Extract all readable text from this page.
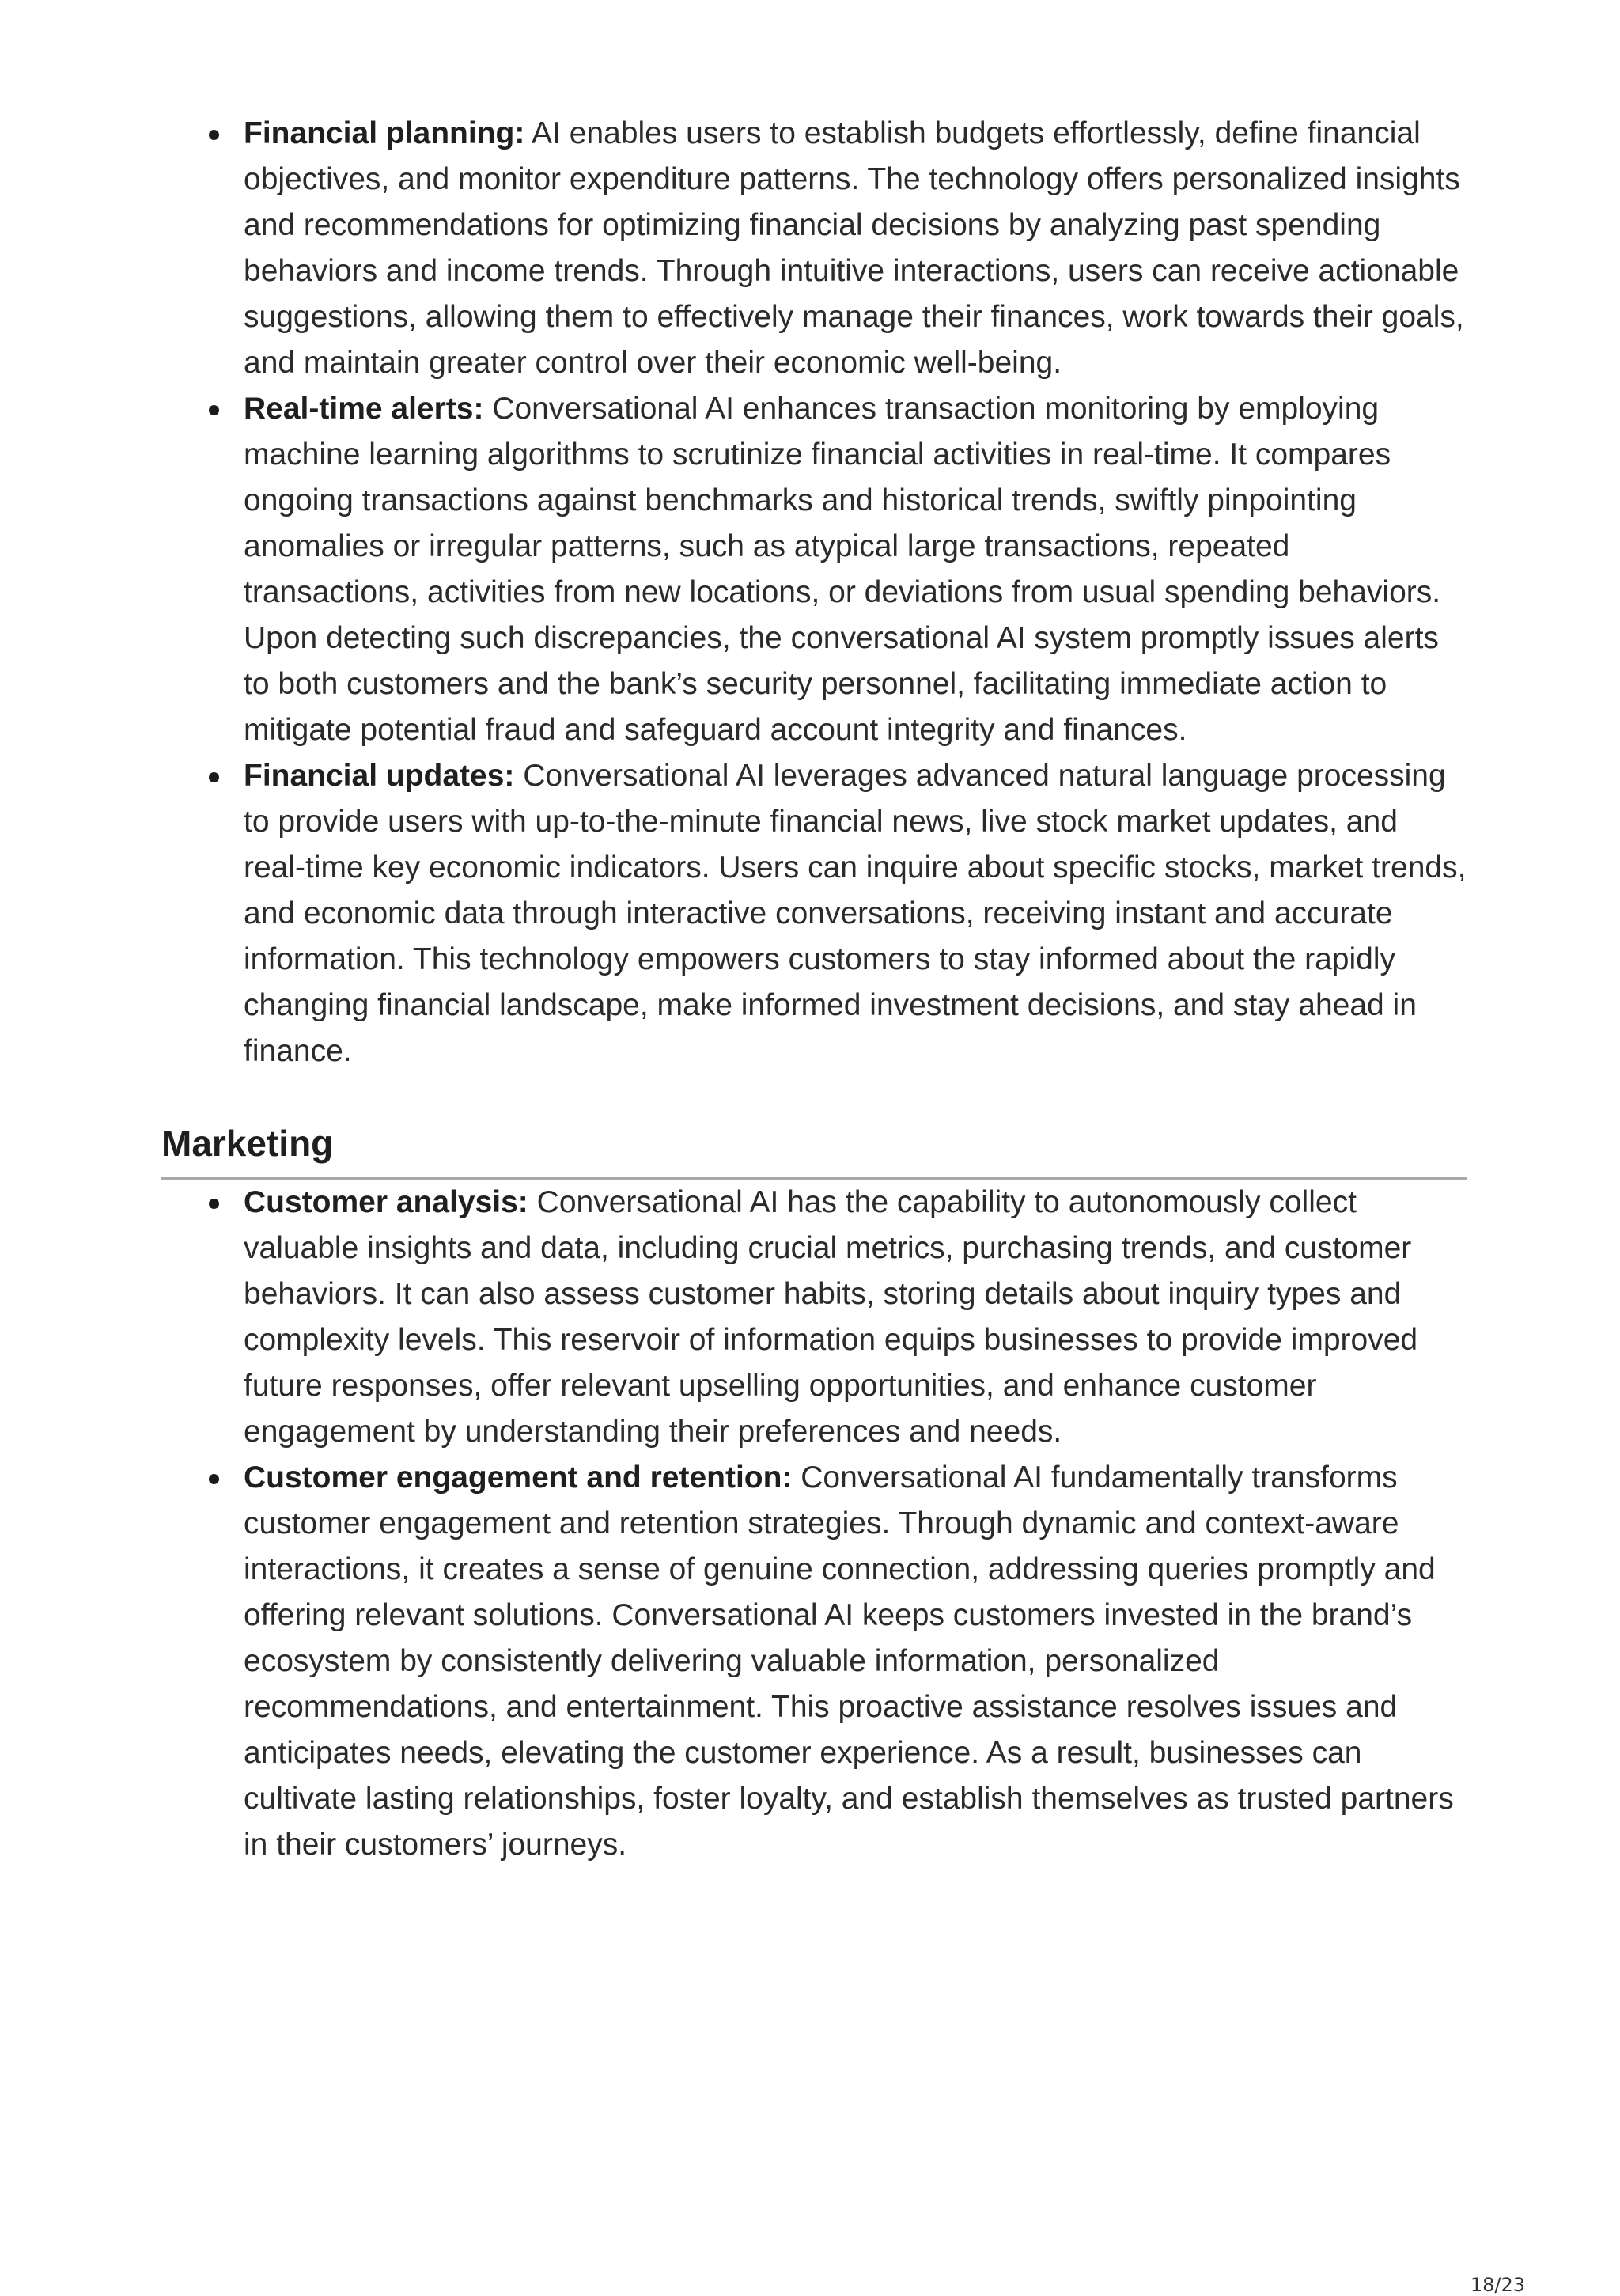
Financial planning: AI enables users to establish budgets effortlessly, define financial objectives, and monitor expenditure patterns. The technology offers personalized insights and recommendations for optimizing financial decisions by analyzing past spending behaviors and income trends. Through intuitive interactions, users can receive actionable suggestions, allowing them to effectively manage their finances, work towards their goals, and maintain greater control over their economic well-being.
Real-time alerts: Conversational AI enhances transaction monitoring by employing machine learning algorithms to scrutinize financial activities in real-time. It compares ongoing transactions against benchmarks and historical trends, swiftly pinpointing anomalies or irregular patterns, such as atypical large transactions, repeated transactions, activities from new locations, or deviations from usual spending behaviors. Upon detecting such discrepancies, the conversational AI system promptly issues alerts to both customers and the bank’s security personnel, facilitating immediate action to mitigate potential fraud and safeguard account integrity and finances.
Financial updates: Conversational AI leverages advanced natural language processing to provide users with up-to-the-minute financial news, live stock market updates, and real-time key economic indicators. Users can inquire about specific stocks, market trends, and economic data through interactive conversations, receiving instant and accurate information. This technology empowers customers to stay informed about the rapidly changing financial landscape, make informed investment decisions, and stay ahead in finance.
Marketing
Customer analysis: Conversational AI has the capability to autonomously collect valuable insights and data, including crucial metrics, purchasing trends, and customer behaviors. It can also assess customer habits, storing details about inquiry types and complexity levels. This reservoir of information equips businesses to provide improved future responses, offer relevant upselling opportunities, and enhance customer engagement by understanding their preferences and needs.
Customer engagement and retention: Conversational AI fundamentally transforms customer engagement and retention strategies. Through dynamic and context-aware interactions, it creates a sense of genuine connection, addressing queries promptly and offering relevant solutions. Conversational AI keeps customers invested in the brand’s ecosystem by consistently delivering valuable information, personalized recommendations, and entertainment. This proactive assistance resolves issues and anticipates needs, elevating the customer experience. As a result, businesses can cultivate lasting relationships, foster loyalty, and establish themselves as trusted partners in their customers’ journeys.
18/23
